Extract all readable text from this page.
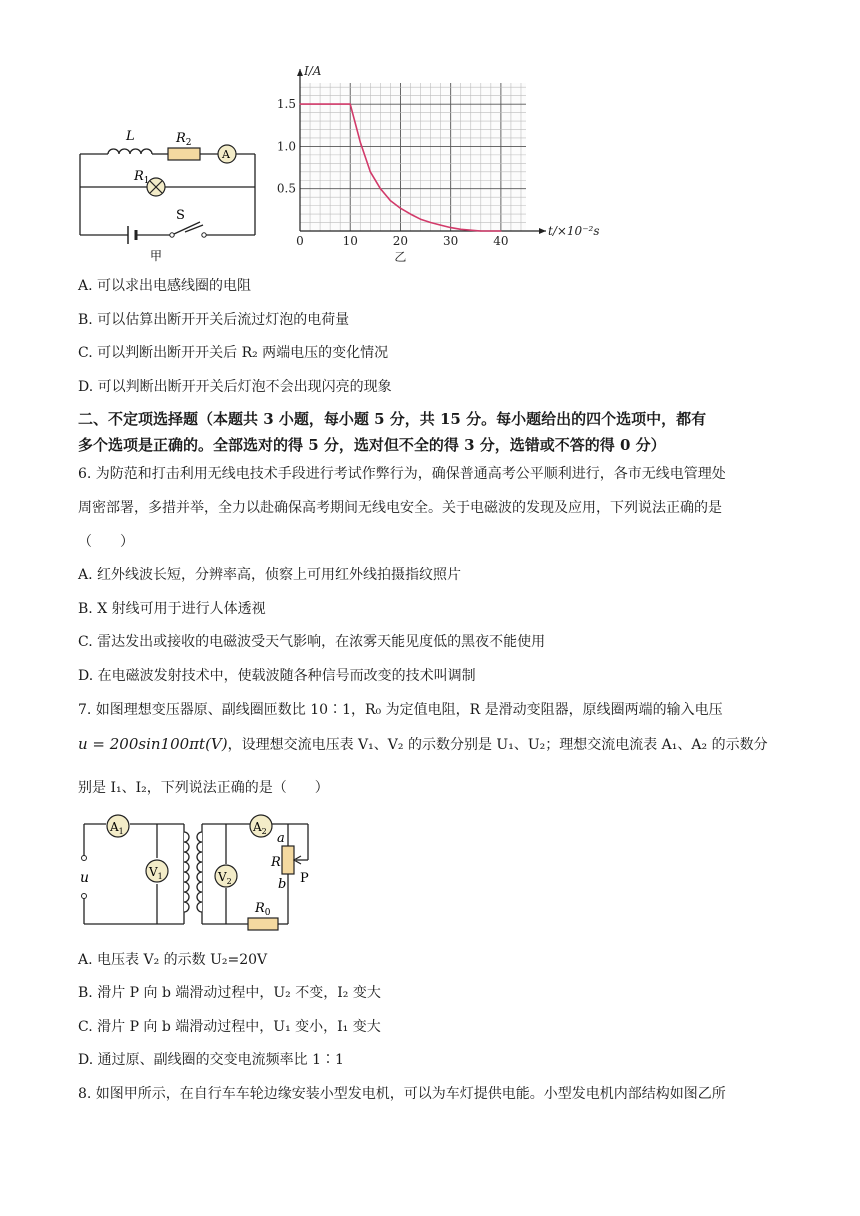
L	$R_2$
A
$R_1$
S
甲
0	10	20	30	40
0.5
1.0
1.5
I/A
t/×10⁻²s
乙
A. 可以求出电感线圈的电阻
B. 可以估算出断开开关后流过灯泡的电荷量
C. 可以判断出断开开关后 R₂ 两端电压的变化情况
D. 可以判断出断开开关后灯泡不会出现闪亮的现象
二、不定项选择题（本题共 3 小题，每小题 5 分，共 15 分。每小题给出的四个选项中，都有
多个选项是正确的。全部选对的得 5 分，选对但不全的得 3 分，选错或不答的得 0 分）
6. 为防范和打击利用无线电技术手段进行考试作弊行为，确保普通高考公平顺利进行，各市无线电管理处
周密部署，多措并举，全力以赴确保高考期间无线电安全。关于电磁波的发现及应用，下列说法正确的是
（　　）
A. 红外线波长短，分辨率高，侦察上可用红外线拍摄指纹照片
B. X 射线可用于进行人体透视
C. 雷达发出或接收的电磁波受天气影响，在浓雾天能见度低的黑夜不能使用
D. 在电磁波发射技术中，使载波随各种信号而改变的技术叫调制
7. 如图理想变压器原、副线圈匝数比 10∶1，R₀ 为定值电阻，R 是滑动变阻器，原线圈两端的输入电压
u = 200sin100πt(V)，设理想交流电压表 V₁、V₂ 的示数分别是 U₁、U₂；理想交流电流表 A₁、A₂ 的示数分
别是 I₁、I₂，下列说法正确的是（　　）
$A_1$
$V_1$
$A_2$
$V_2$
u
a
R
b P
$R_0$
A. 电压表 V₂ 的示数 U₂=20V
B. 滑片 P 向 b 端滑动过程中，U₂ 不变，I₂ 变大
C. 滑片 P 向 b 端滑动过程中，U₁ 变小，I₁ 变大
D. 通过原、副线圈的交变电流频率比 1∶1
8. 如图甲所示，在自行车车轮边缘安装小型发电机，可以为车灯提供电能。小型发电机内部结构如图乙所
